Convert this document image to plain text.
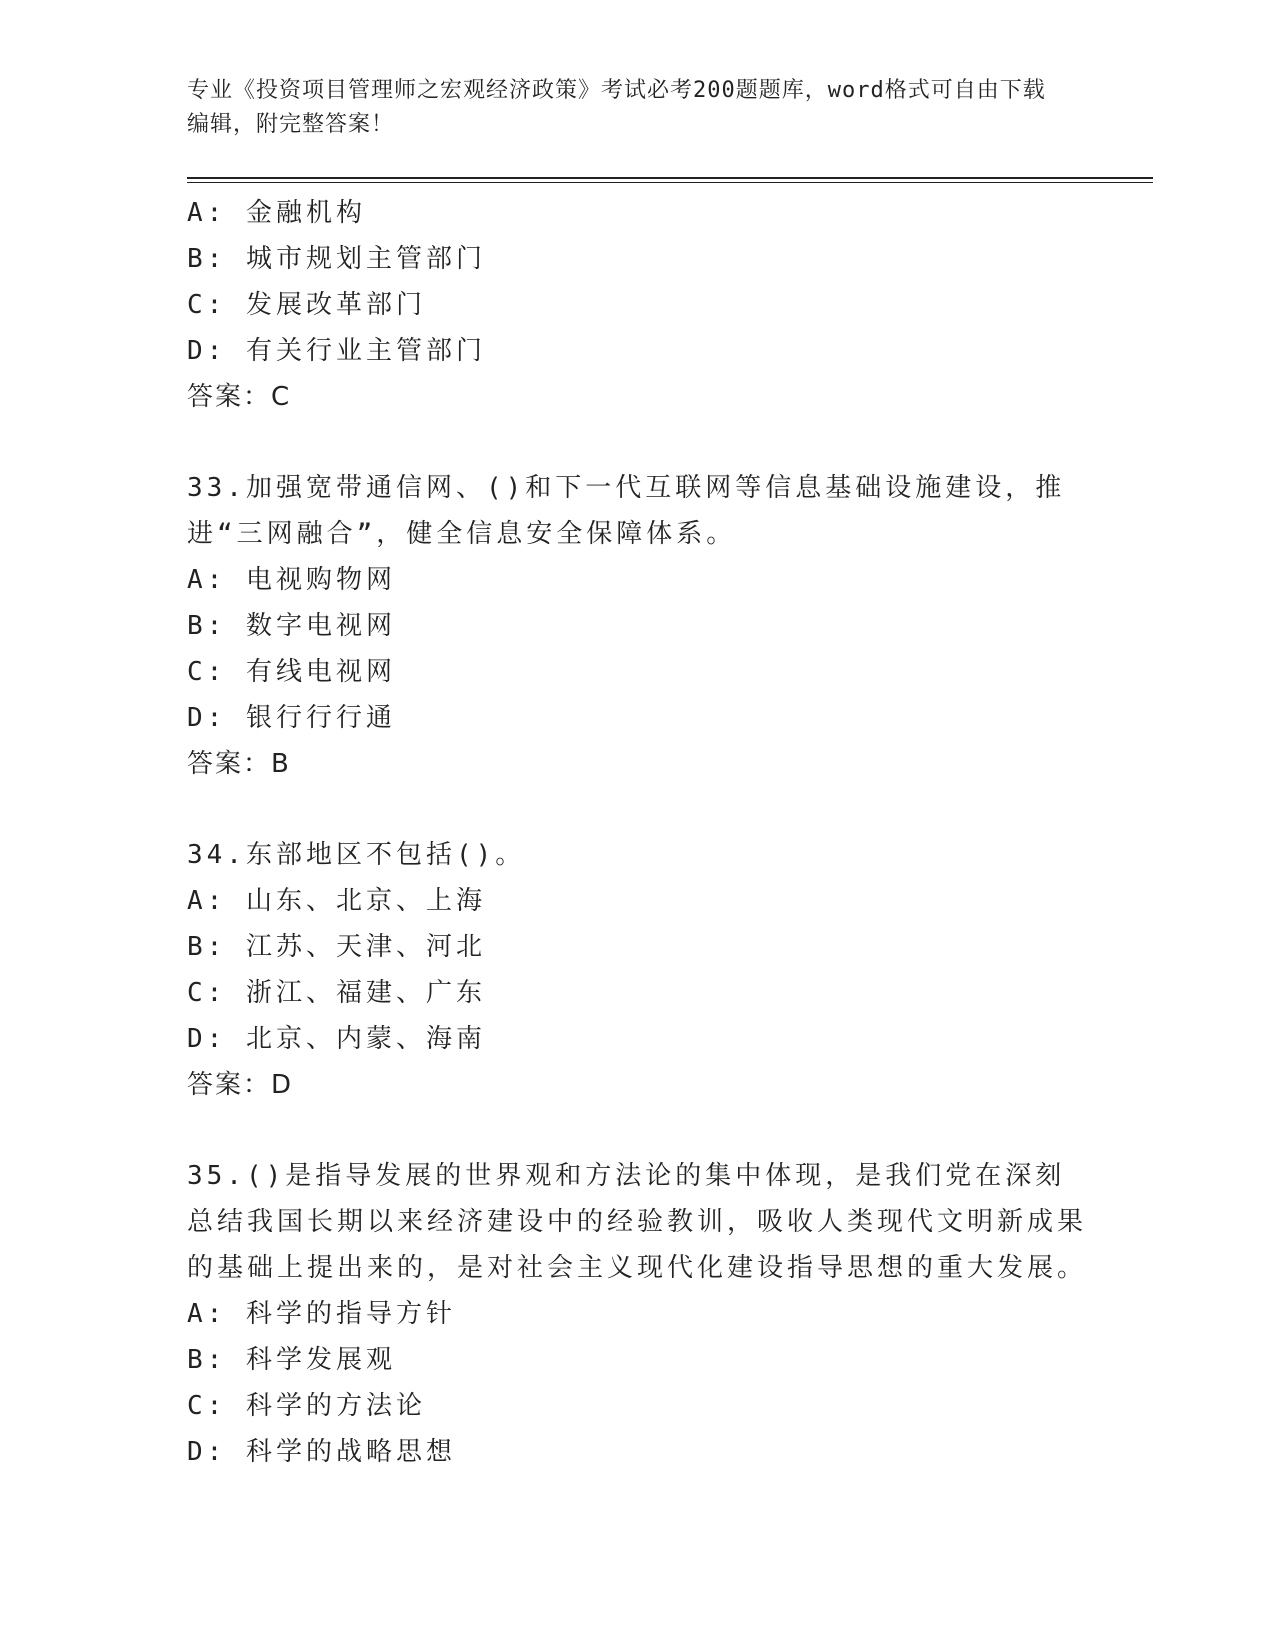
专业《投资项目管理师之宏观经济政策》考试必考200题题库，word格式可自由下载编辑，附完整答案！
A: 金融机构
B: 城市规划主管部门
C: 发展改革部门
D: 有关行业主管部门
答案：C
33.加强宽带通信网、()和下一代互联网等信息基础设施建设，推进“三网融合”，健全信息安全保障体系。
A: 电视购物网
B: 数字电视网
C: 有线电视网
D: 银行行行通
答案：B
34.东部地区不包括()。
A: 山东、北京、上海
B: 江苏、天津、河北
C: 浙江、福建、广东
D: 北京、内蒙、海南
答案：D
35.()是指导发展的世界观和方法论的集中体现，是我们党在深刻总结我国长期以来经济建设中的经验教训，吸收人类现代文明新成果的基础上提出来的，是对社会主义现代化建设指导思想的重大发展。
A: 科学的指导方针
B: 科学发展观
C: 科学的方法论
D: 科学的战略思想
